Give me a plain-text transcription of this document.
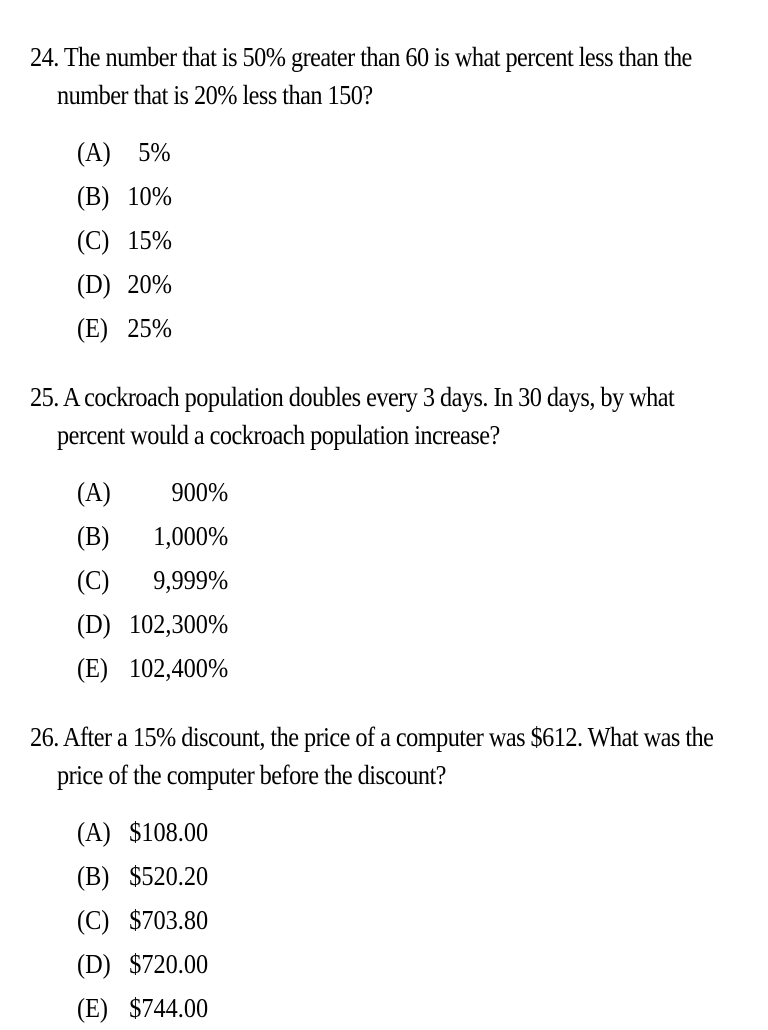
24. The number that is 50% greater than 60 is what percent less than the
number that is 20% less than 150?
(A)	5%
(B) 10%
(C) 15%
(D) 20%
(E) 25%
25. A cockroach population doubles every 3 days. In 30 days, by what
percent would a cockroach population increase?
(A)	900%
(B)	1,000%
(C)	9,999%
(D) 102,300%
(E) 102,400%
26. After a 15% discount, the price of a computer was $612. What was the
price of the computer before the discount?
(A) $108.00
(B) $520.20
(C) $703.80
(D) $720.00
(E) $744.00
